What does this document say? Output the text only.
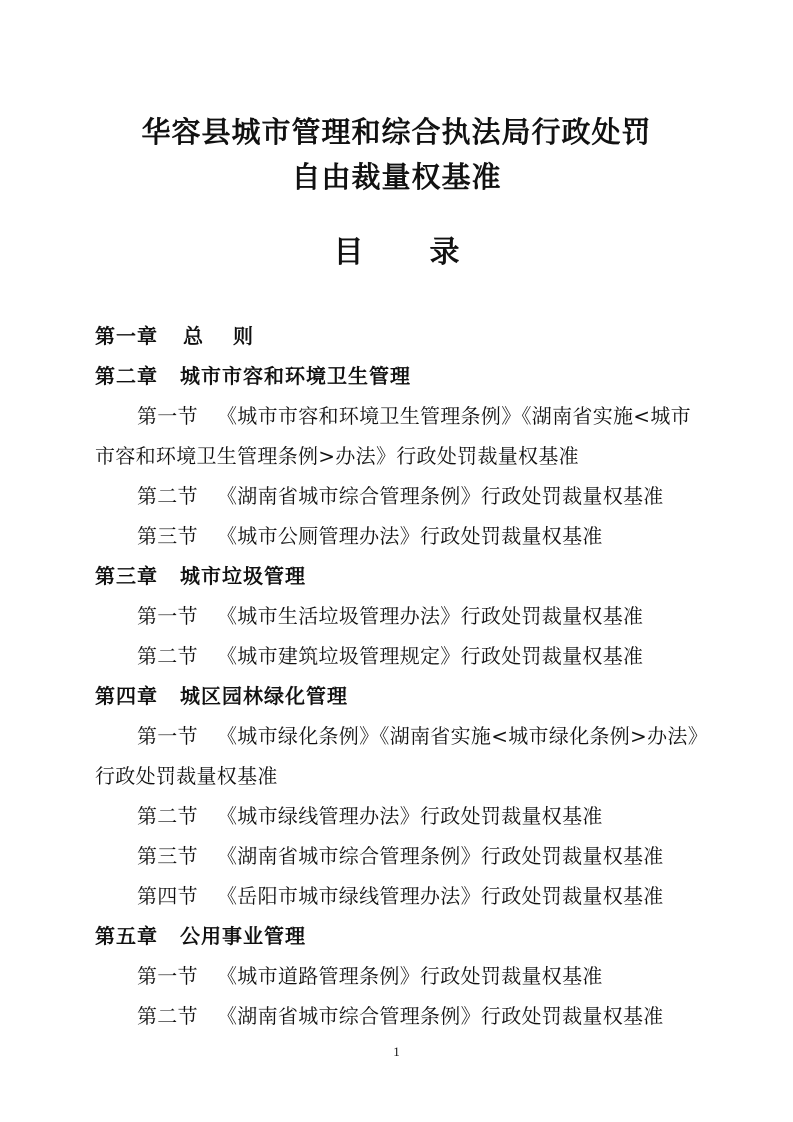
华容县城市管理和综合执法局行政处罚
自由裁量权基准
目 录
第一章 总　 则
第二章 城市市容和环境卫生管理
第一节 《城市市容和环境卫生管理条例》《湖南省实施<城市
市容和环境卫生管理条例>办法》行政处罚裁量权基准
第二节 《湖南省城市综合管理条例》行政处罚裁量权基准
第三节 《城市公厕管理办法》行政处罚裁量权基准
第三章 城市垃圾管理
第一节 《城市生活垃圾管理办法》行政处罚裁量权基准
第二节 《城市建筑垃圾管理规定》行政处罚裁量权基准
第四章 城区园林绿化管理
第一节 《城市绿化条例》《湖南省实施<城市绿化条例>办法》
行政处罚裁量权基准
第二节 《城市绿线管理办法》行政处罚裁量权基准
第三节 《湖南省城市综合管理条例》行政处罚裁量权基准
第四节 《岳阳市城市绿线管理办法》行政处罚裁量权基准
第五章 公用事业管理
第一节 《城市道路管理条例》行政处罚裁量权基准
第二节 《湖南省城市综合管理条例》行政处罚裁量权基准
1
